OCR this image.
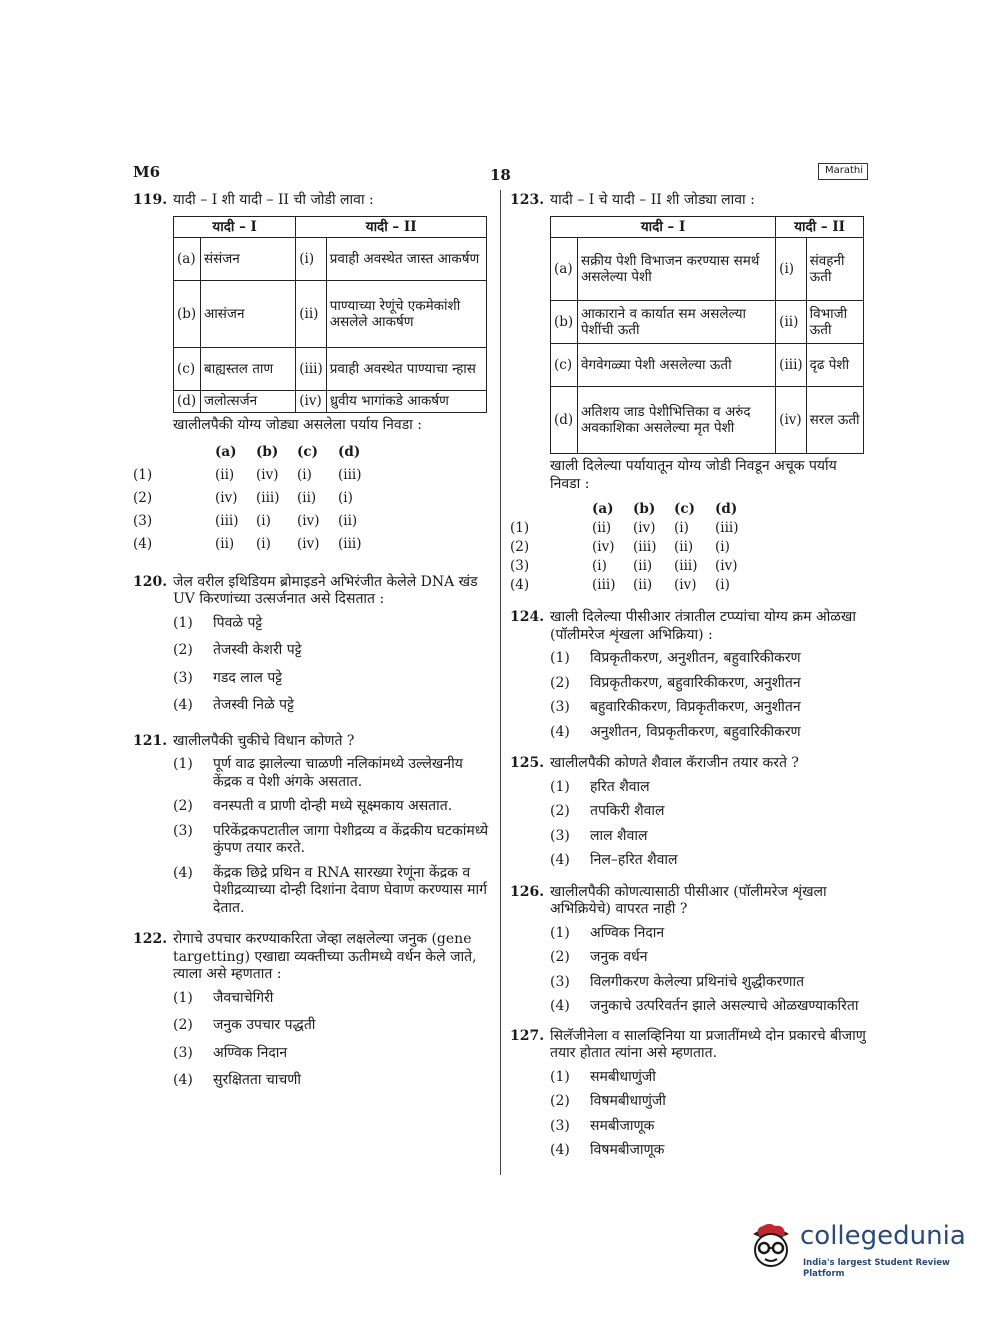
M6	18	Marathi
119. यादी – I शी यादी – II ची जोडी लावा :
यादी – I		यादी – II	
(a)	संसंजन	(i)	प्रवाही अवस्थेत जास्त आकर्षण
(b)	आसंजन	(ii)	पाण्याच्या रेणूंचे एकमेकांशी असलेले आकर्षण
(c)	बाह्यस्तल ताण	(iii)	प्रवाही अवस्थेत पाण्याचा न्हास
(d)	जलोत्सर्जन	(iv)	ध्रुवीय भागांकडे आकर्षण
खालीलपैकी योग्य जोड्या असलेला पर्याय निवडा :
(a)	(b)	(c)	(d)
(1)	(ii)	(iv)	(i)	(iii)
(2)	(iv)	(iii)	(ii)	(i)
(3)	(iii)	(i)	(iv)	(ii)
(4)	(ii)	(i)	(iv)	(iii)
120. जेल वरील इथिडियम ब्रोमाइडने अभिरंजीत केलेले DNA खंड UV किरणांच्या उत्सर्जनात असे दिसतात :
(1)	पिवळे पट्टे
(2)	तेजस्वी केशरी पट्टे
(3)	गडद लाल पट्टे
(4)	तेजस्वी निळे पट्टे
121. खालीलपैकी चुकीचे विधान कोणते ?
(1)	पूर्ण वाढ झालेल्या चाळणी नलिकांमध्ये उल्लेखनीय केंद्रक व पेशी अंगके असतात.
(2)	वनस्पती व प्राणी दोन्ही मध्ये सूक्ष्मकाय असतात.
(3)	परिकेंद्रकपटातील जागा पेशीद्रव्य व केंद्रकीय घटकांमध्ये कुंपण तयार करते.
(4)	केंद्रक छिद्रे प्रथिन व RNA सारख्या रेणूंना केंद्रक व पेशीद्रव्याच्या दोन्ही दिशांना देवाण घेवाण करण्यास मार्ग देतात.
122. रोगाचे उपचार करण्याकरिता जेव्हा लक्षलेल्या जनुक (gene targetting) एखाद्या व्यक्तीच्या ऊतीमध्ये वर्धन केले जाते, त्याला असे म्हणतात :
(1)	जैवचाचेगिरी
(2)	जनुक उपचार पद्धती
(3)	अण्विक निदान
(4)	सुरक्षितता चाचणी
123. यादी – I चे यादी – II शी जोड्या लावा :
यादी – I		यादी – II	
(a)	सक्रीय पेशी विभाजन करण्यास समर्थ असलेल्या पेशी	(i)	संवहनी ऊती
(b)	आकाराने व कार्यात सम असलेल्या पेशींची ऊती	(ii)	विभाजी ऊती
(c)	वेगवेगळ्या पेशी असलेल्या ऊती	(iii)	दृढ पेशी
(d)	अतिशय जाड पेशीभित्तिका व अरुंद अवकाशिका असलेल्या मृत पेशी	(iv)	सरल ऊती
खाली दिलेल्या पर्यायातून योग्य जोडी निवडून अचूक पर्याय निवडा :
(a)	(b)	(c)	(d)
(1)	(ii)	(iv)	(i)	(iii)
(2)	(iv)	(iii)	(ii)	(i)
(3)	(i)	(ii)	(iii)	(iv)
(4)	(iii)	(ii)	(iv)	(i)
124. खाली दिलेल्या पीसीआर तंत्रातील टप्प्यांचा योग्य क्रम ओळखा (पॉलीमरेज शृंखला अभिक्रिया) :
(1)	विप्रकृतीकरण, अनुशीतन, बहुवारिकीकरण
(2)	विप्रकृतीकरण, बहुवारिकीकरण, अनुशीतन
(3)	बहुवारिकीकरण, विप्रकृतीकरण, अनुशीतन
(4)	अनुशीतन, विप्रकृतीकरण, बहुवारिकीकरण
125. खालीलपैकी कोणते शैवाल कॅराजीन तयार करते ?
(1)	हरित शैवाल
(2)	तपकिरी शैवाल
(3)	लाल शैवाल
(4)	निल–हरित शैवाल
126. खालीलपैकी कोणत्यासाठी पीसीआर (पॉलीमरेज शृंखला अभिक्रियेचे) वापरत नाही ?
(1)	अण्विक निदान
(2)	जनुक वर्धन
(3)	विलगीकरण केलेल्या प्रथिनांचे शुद्धीकरणात
(4)	जनुकाचे उत्परिवर्तन झाले असल्याचे ओळखण्याकरिता
127. सिलॅजीनेला व सालव्हिनिया या प्रजातींमध्ये दोन प्रकारचे बीजाणु तयार होतात त्यांना असे म्हणतात.
(1)	समबीधाणुंजी
(2)	विषमबीधाणुंजी
(3)	समबीजाणूक
(4)	विषमबीजाणूक
collegedunia
India's largest Student Review Platform
